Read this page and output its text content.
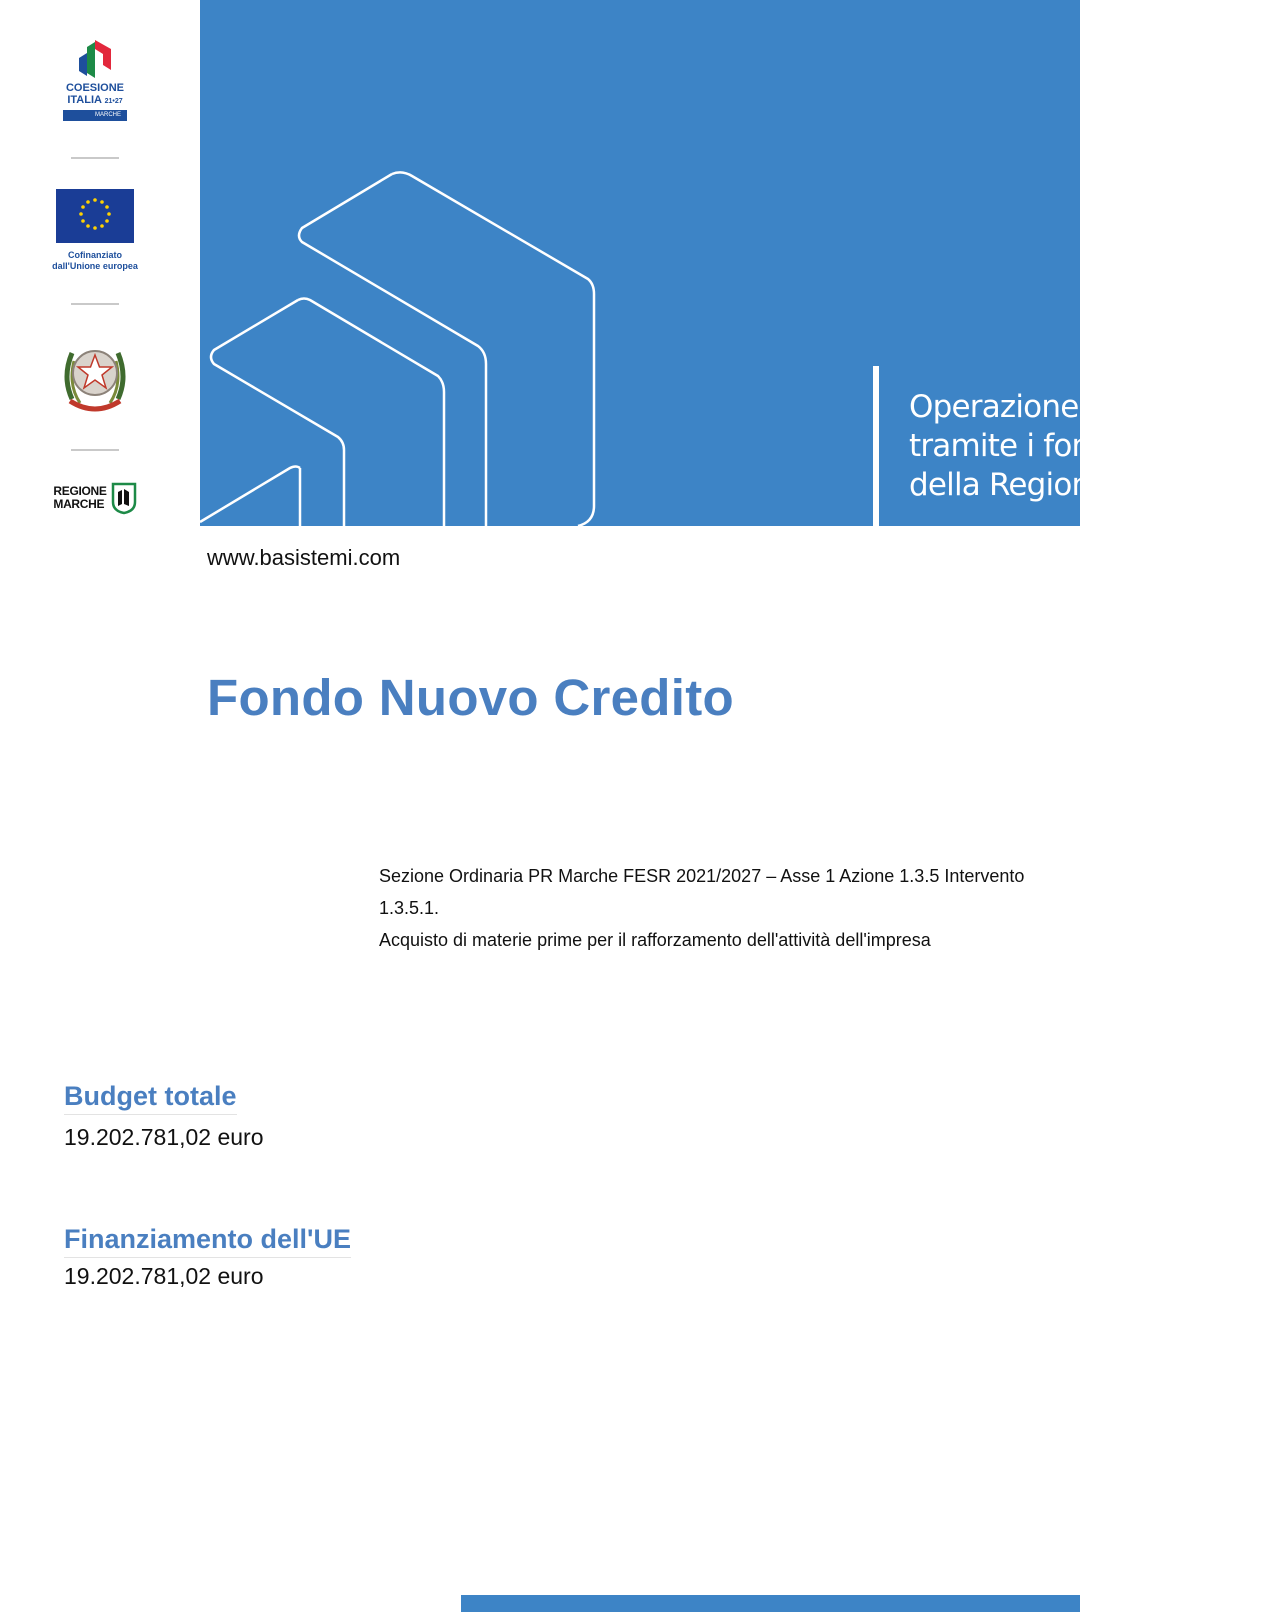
COESIONE
ITALIA 21•27
MARCHE
Cofinanziato
dall'Unione europea
REGIONE
MARCHE
Operazione realizzata
tramite i fondi europei
della Regione Marche
www.basistemi.com
Fondo Nuovo Credito

Sezione Ordinaria PR Marche FESR 2021/2027 – Asse 1 Azione 1.3.5 Intervento

1.3.5.1.

Acquisto di materie prime per il rafforzamento dell'attività dell'impresa

Budget totale
19.202.781,02 euro
Finanziamento dell'UE
19.202.781,02 euro
